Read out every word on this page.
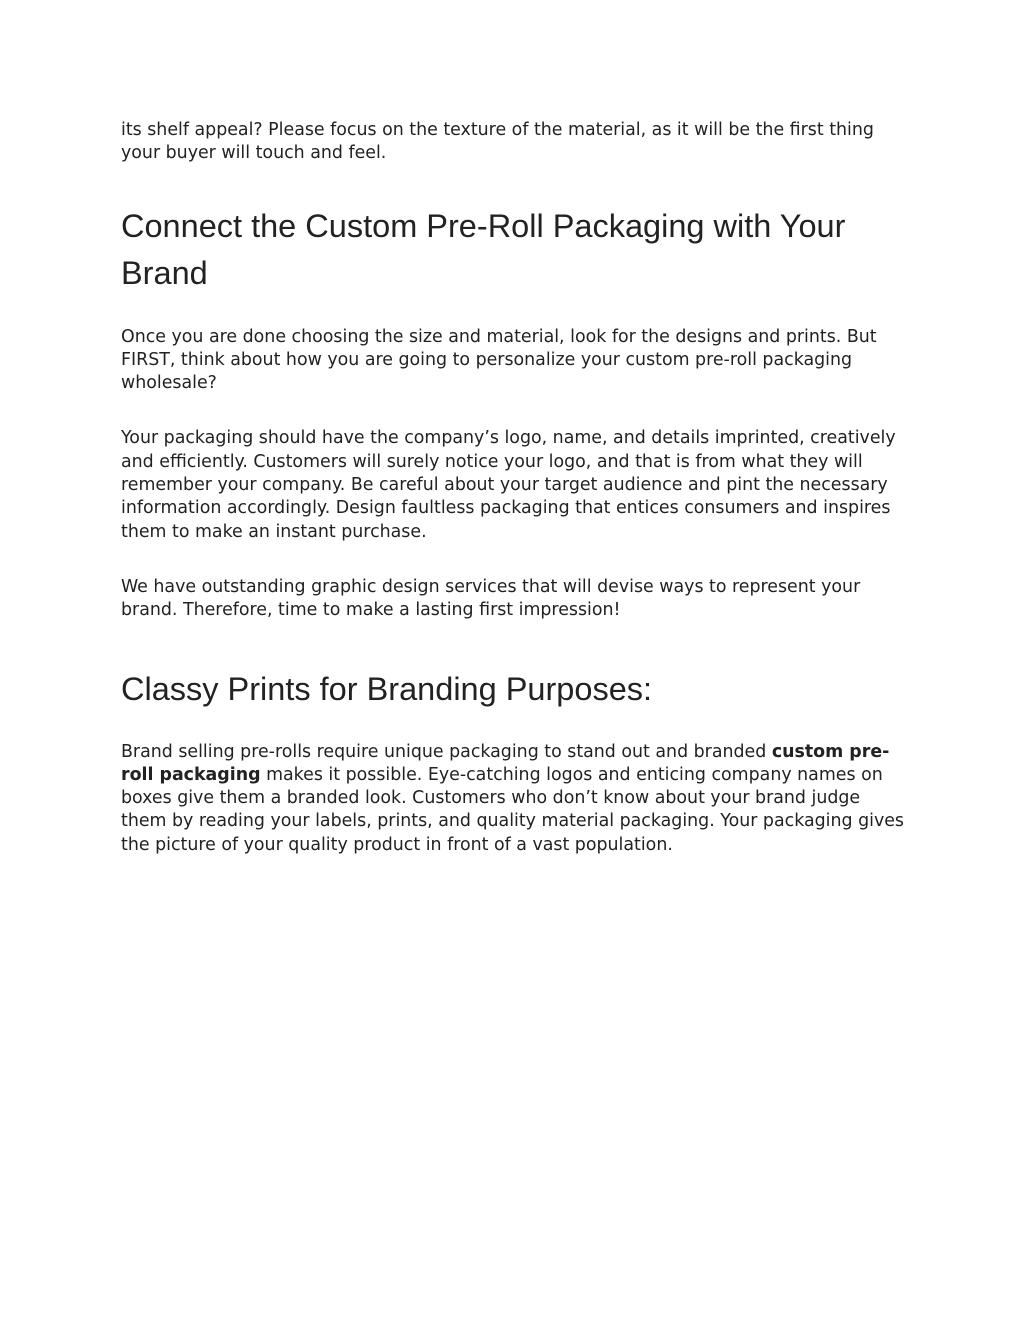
its shelf appeal? Please focus on the texture of the material, as it will be the first thing your buyer will touch and feel.

Connect the Custom Pre-Roll Packaging with Your Brand

Once you are done choosing the size and material, look for the designs and prints. But FIRST, think about how you are going to personalize your custom pre-roll packaging wholesale?

Your packaging should have the company’s logo, name, and details imprinted, creatively and efficiently. Customers will surely notice your logo, and that is from what they will remember your company. Be careful about your target audience and pint the necessary information accordingly. Design faultless packaging that entices consumers and inspires them to make an instant purchase.

We have outstanding graphic design services that will devise ways to represent your brand. Therefore, time to make a lasting first impression!

Classy Prints for Branding Purposes:

Brand selling pre-rolls require unique packaging to stand out and branded custom pre-roll packaging makes it possible. Eye-catching logos and enticing company names on boxes give them a branded look. Customers who don’t know about your brand judge them by reading your labels, prints, and quality material packaging. Your packaging gives the picture of your quality product in front of a vast population.
